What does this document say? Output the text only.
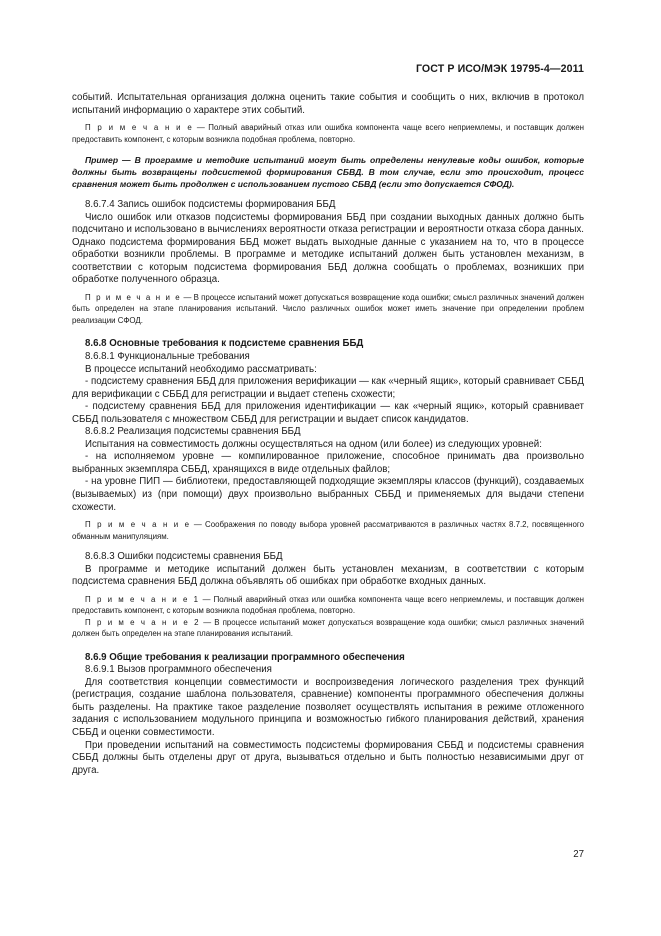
ГОСТ Р ИСО/МЭК 19795-4—2011

событий. Испытательная организация должна оценить такие события и сообщить о них, включив в протокол испытаний информацию о характере этих событий.

П р и м е ч а н и е — Полный аварийный отказ или ошибка компонента чаще всего неприемлемы, и поставщик должен предоставить компонент, с которым возникла подобная проблема, повторно.

Пример — В программе и методике испытаний могут быть определены ненулевые коды ошибок, которые должны быть возвращены подсистемой формирования СБВД. В том случае, если это происходит, процесс сравнения может быть продолжен с использованием пустого СБВД (если это допускается СФОД).

8.6.7.4 Запись ошибок подсистемы формирования ББД

Число ошибок или отказов подсистемы формирования ББД при создании выходных данных должно быть подсчитано и использовано в вычислениях вероятности отказа регистрации и вероятности отказа сбора данных. Однако подсистема формирования ББД может выдать выходные данные с указанием на то, что в процессе обработки возникли проблемы. В программе и методике испытаний должен быть установлен механизм, в соответствии с которым подсистема формирования ББД должна сообщать о проблемах, возникших при обработке полученного образца.

П р и м е ч а н и е — В процессе испытаний может допускаться возвращение кода ошибки; смысл различных значений должен быть определен на этапе планирования испытаний. Число различных ошибок может иметь значение при определении проблем реализации СФОД.

8.6.8 Основные требования к подсистеме сравнения ББД

8.6.8.1 Функциональные требования

В процессе испытаний необходимо рассматривать:

- подсистему сравнения ББД для приложения верификации — как «черный ящик», который сравнивает СББД для верификации с СББД для регистрации и выдает степень схожести;

- подсистему сравнения ББД для приложения идентификации — как «черный ящик», который сравнивает СББД пользователя с множеством СББД для регистрации и выдает список кандидатов.

8.6.8.2 Реализация подсистемы сравнения ББД

Испытания на совместимость должны осуществляться на одном (или более) из следующих уровней:

- на исполняемом уровне — компилированное приложение, способное принимать два произвольно выбранных экземпляра СББД, хранящихся в виде отдельных файлов;

- на уровне ПИП — библиотеки, предоставляющей подходящие экземпляры классов (функций), создаваемых (вызываемых) из (при помощи) двух произвольно выбранных СББД и применяемых для выдачи степени схожести.

П р и м е ч а н и е — Соображения по поводу выбора уровней рассматриваются в различных частях 8.7.2, посвященного обманным манипуляциям.

8.6.8.3 Ошибки подсистемы сравнения ББД

В программе и методике испытаний должен быть установлен механизм, в соответствии с которым подсистема сравнения ББД должна объявлять об ошибках при обработке входных данных.

П р и м е ч а н и е 1 — Полный аварийный отказ или ошибка компонента чаще всего неприемлемы, и поставщик должен предоставить компонент, с которым возникла подобная проблема, повторно.

П р и м е ч а н и е 2 — В процессе испытаний может допускаться возвращение кода ошибки; смысл различных значений должен быть определен на этапе планирования испытаний.

8.6.9 Общие требования к реализации программного обеспечения

8.6.9.1 Вызов программного обеспечения

Для соответствия концепции совместимости и воспроизведения логического разделения трех функций (регистрация, создание шаблона пользователя, сравнение) компоненты программного обеспечения должны быть разделены. На практике такое разделение позволяет осуществлять испытания в режиме отложенного задания с использованием модульного принципа и возможностью гибкого планирования действий, хранения СББД и оценки совместимости.

При проведении испытаний на совместимость подсистемы формирования СББД и подсистемы сравнения СББД должны быть отделены друг от друга, вызываться отдельно и быть полностью независимыми друг от друга.

27
